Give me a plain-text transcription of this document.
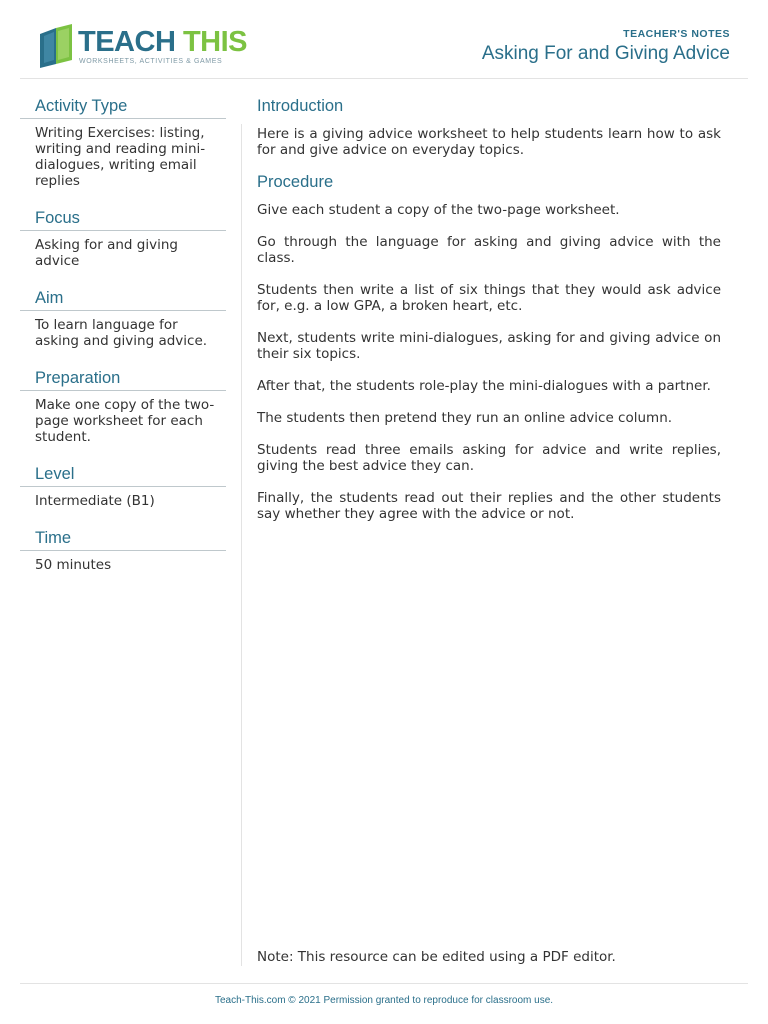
TEACH THIS
WORKSHEETS, ACTIVITIES & GAMES
TEACHER'S NOTES
Asking For and Giving Advice
Activity Type
Writing Exercises: listing, writing and reading mini-dialogues, writing email replies
Focus
Asking for and giving advice
Aim
To learn language for asking and giving advice.
Preparation
Make one copy of the two-page worksheet for each student.
Level
Intermediate (B1)
Time
50 minutes
Introduction

Here is a giving advice worksheet to help students learn how to ask for and give advice on everyday topics.

Procedure

Give each student a copy of the two-page worksheet.

Go through the language for asking and giving advice with the class.

Students then write a list of six things that they would ask advice for, e.g. a low GPA, a broken heart, etc.

Next, students write mini-dialogues, asking for and giving advice on their six topics.

After that, the students role-play the mini-dialogues with a partner.

The students then pretend they run an online advice column.

Students read three emails asking for advice and write replies, giving the best advice they can.

Finally, the students read out their replies and the other students say whether they agree with the advice or not.

Note: This resource can be edited using a PDF editor.
Teach-This.com © 2021 Permission granted to reproduce for classroom use.
